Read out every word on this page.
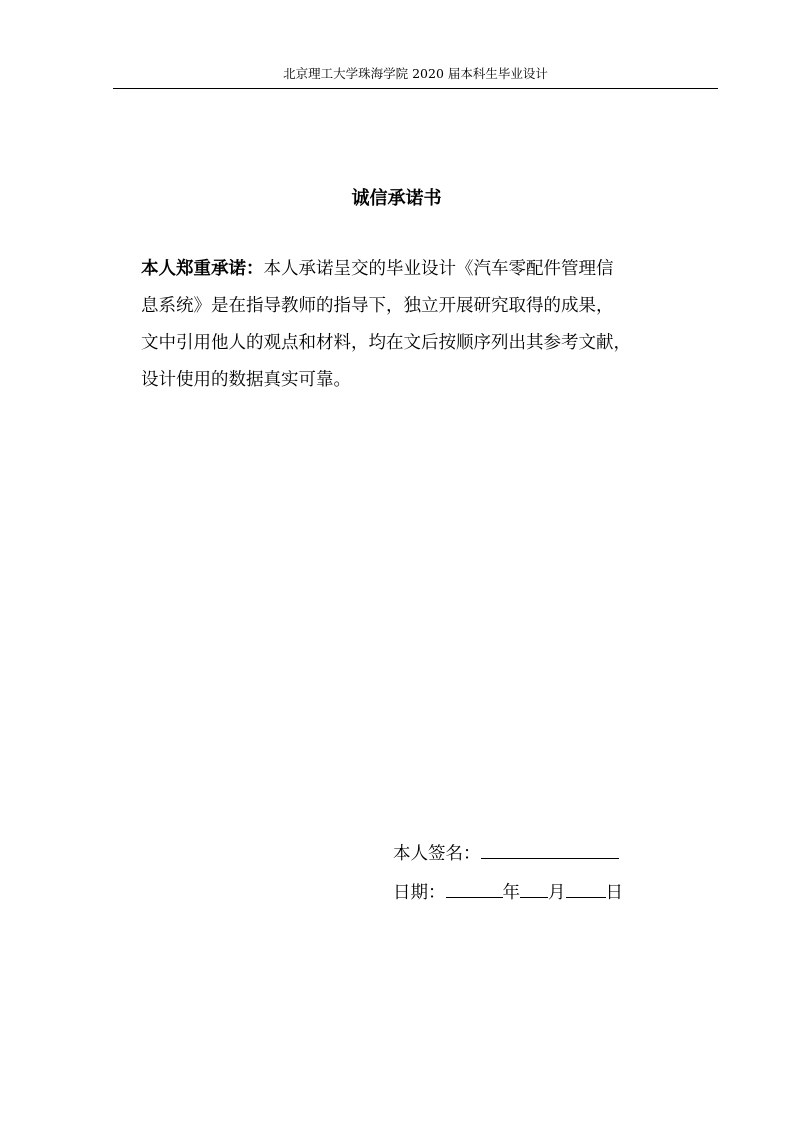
北京理工大学珠海学院 2020 届本科生毕业设计
诚信承诺书
本人郑重承诺：本人承诺呈交的毕业设计《汽车零配件管理信
息系统》是在指导教师的指导下，独立开展研究取得的成果，
文中引用他人的观点和材料，均在文后按顺序列出其参考文献，
设计使用的数据真实可靠。
本人签名：
日期：	年 月 日
